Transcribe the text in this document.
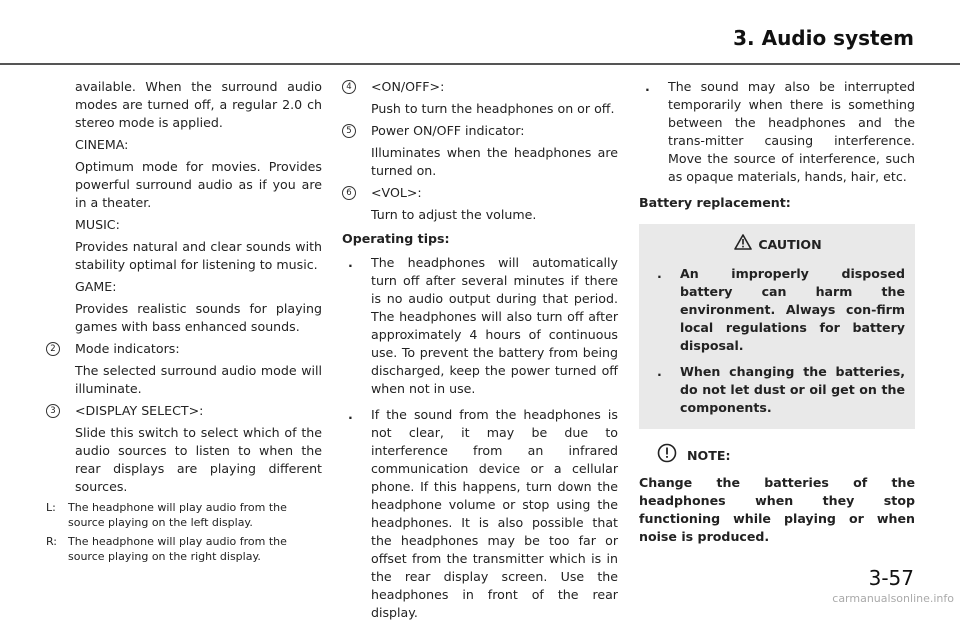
3. Audio system

available. When the surround audio modes are turned off, a regular 2.0 ch stereo mode is applied.

CINEMA:

Optimum mode for movies. Provides powerful surround audio as if you are in a theater.

MUSIC:

Provides natural and clear sounds with stability optimal for listening to music.

GAME:

Provides realistic sounds for playing games with bass enhanced sounds.

2	Mode indicators:

The selected surround audio mode will illuminate.

3	<DISPLAY SELECT>:

Slide this switch to select which of the audio sources to listen to when the rear displays are playing different sources.

L: The headphone will play audio from the source playing on the left display.
R: The headphone will play audio from the source playing on the right display.
4	<ON/OFF>:

Push to turn the headphones on or off.

5	Power ON/OFF indicator:

Illuminates when the headphones are turned on.

6	<VOL>:

Turn to adjust the volume.

Operating tips:

. The headphones will automatically turn off after several minutes if there is no audio output during that period. The headphones will also turn off after approximately 4 hours of continuous use. To prevent the battery from being discharged, keep the power turned off when not in use.
. If the sound from the headphones is not clear, it may be due to interference from an infrared communication device or a cellular phone. If this happens, turn down the headphone volume or stop using the headphones. It is also possible that the headphones may be too far or offset from the transmitter which is in the rear display screen. Use the headphones in front of the rear display.
. The sound may also be interrupted temporarily when there is something between the headphones and the trans-mitter causing interference. Move the source of interference, such as opaque materials, hands, hair, etc.

Battery replacement:

CAUTION
. An improperly disposed battery can harm the environment. Always con-firm local regulations for battery disposal.
. When changing the batteries, do not let dust or oil get on the components.
NOTE:

Change the batteries of the headphones when they stop functioning while playing or when noise is produced.

3-57
carmanualsonline.info
